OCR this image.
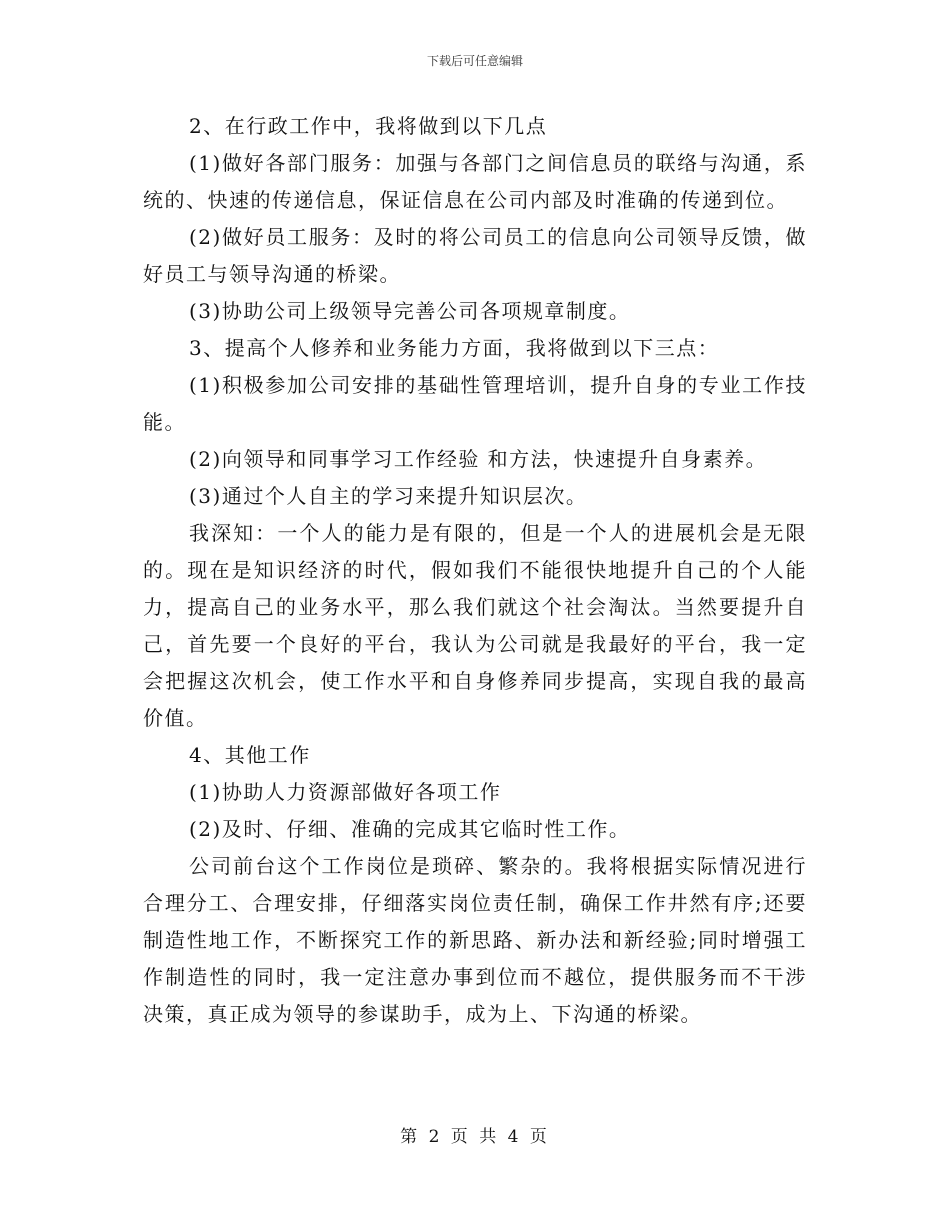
下载后可任意编辑

2、在行政工作中，我将做到以下几点

(1)做好各部门服务：加强与各部门之间信息员的联络与沟通，系统的、快速的传递信息，保证信息在公司内部及时准确的传递到位。

(2)做好员工服务：及时的将公司员工的信息向公司领导反馈，做好员工与领导沟通的桥梁。

(3)协助公司上级领导完善公司各项规章制度。

3、提高个人修养和业务能力方面，我将做到以下三点：

(1)积极参加公司安排的基础性管理培训，提升自身的专业工作技能。

(2)向领导和同事学习工作经验 和方法，快速提升自身素养。

(3)通过个人自主的学习来提升知识层次。

我深知：一个人的能力是有限的，但是一个人的进展机会是无限的。现在是知识经济的时代，假如我们不能很快地提升自己的个人能力，提高自己的业务水平，那么我们就这个社会淘汰。当然要提升自己，首先要一个良好的平台，我认为公司就是我最好的平台，我一定会把握这次机会，使工作水平和自身修养同步提高，实现自我的最高价值。

4、其他工作

(1)协助人力资源部做好各项工作

(2)及时、仔细、准确的完成其它临时性工作。

公司前台这个工作岗位是琐碎、繁杂的。我将根据实际情况进行合理分工、合理安排，仔细落实岗位责任制，确保工作井然有序;还要制造性地工作，不断探究工作的新思路、新办法和新经验;同时增强工作制造性的同时，我一定注意办事到位而不越位，提供服务而不干涉决策，真正成为领导的参谋助手，成为上、下沟通的桥梁。

第 2 页 共 4 页
